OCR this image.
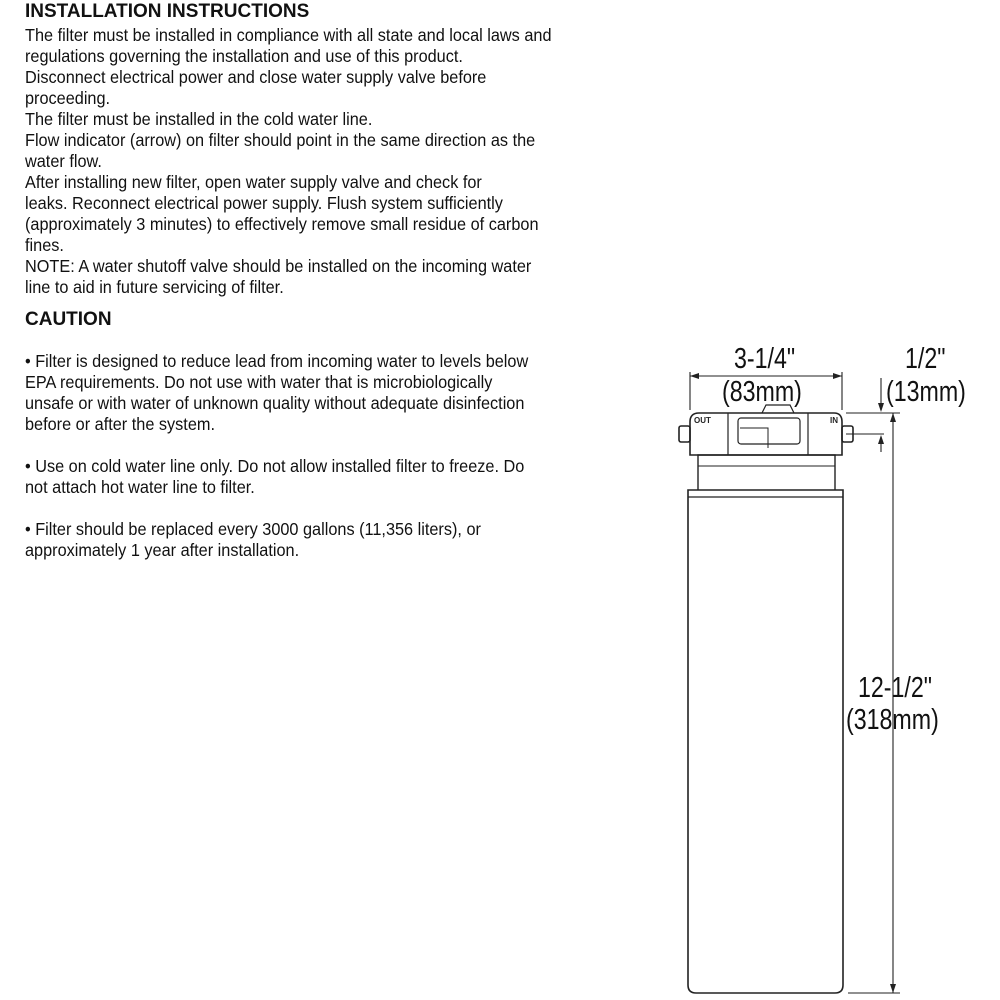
INSTALLATION INSTRUCTIONS
The filter must be installed in compliance with all state and local laws and
regulations governing the installation and use of this product.
Disconnect electrical power and close water supply valve before
proceeding.
The filter must be installed in the cold water line.
Flow indicator (arrow) on filter should point in the same direction as the
water flow.
After installing new filter, open water supply valve and check for
leaks. Reconnect electrical power supply. Flush system sufficiently
(approximately 3 minutes) to effectively remove small residue of carbon
fines.
NOTE: A water shutoff valve should be installed on the incoming water
line to aid in future servicing of filter.
CAUTION
• Filter is designed to reduce lead from incoming water to levels below
EPA requirements. Do not use with water that is microbiologically
unsafe or with water of unknown quality without adequate disinfection
before or after the system.
• Use on cold water line only. Do not allow installed filter to freeze. Do
not attach hot water line to filter.
• Filter should be replaced every 3000 gallons (11,356 liters), or
approximately 1 year after installation.
OUT	IN
3-1/4"
(83mm)
1/2"
(13mm)
12-1/2"
(318mm)
